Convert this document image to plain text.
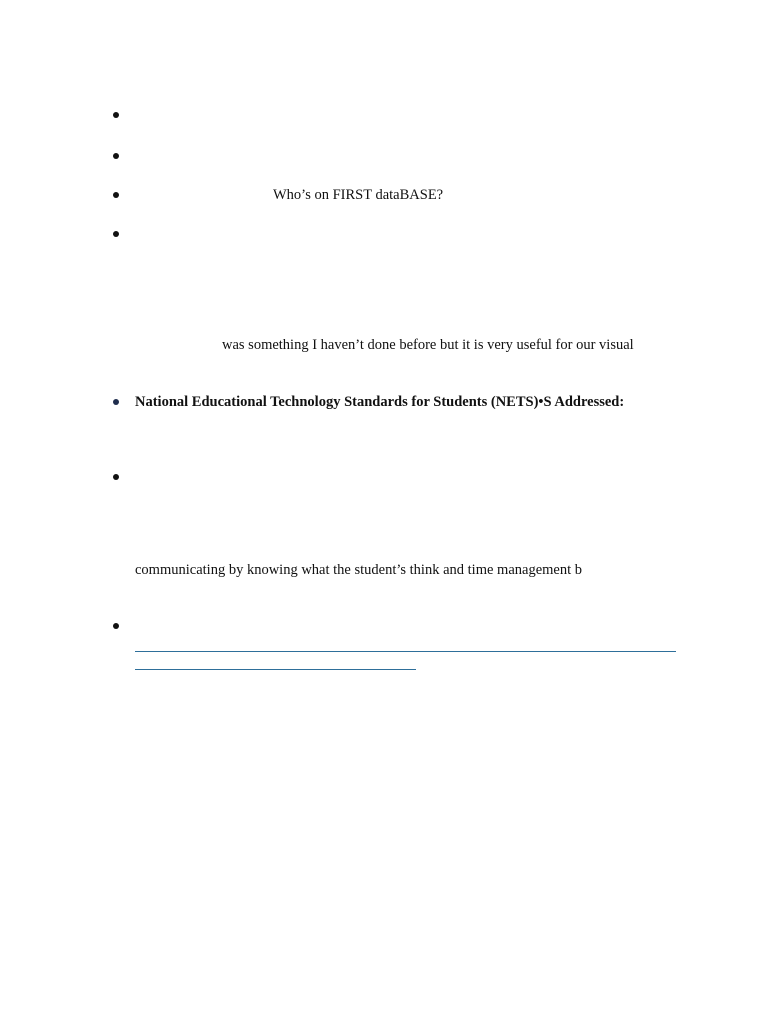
Who’s on FIRST dataBASE?
was something I haven’t done before but it is very useful for our visual
National Educational Technology Standards for Students (NETS)•S Addressed:
communicating by knowing what the student’s think and time management b
